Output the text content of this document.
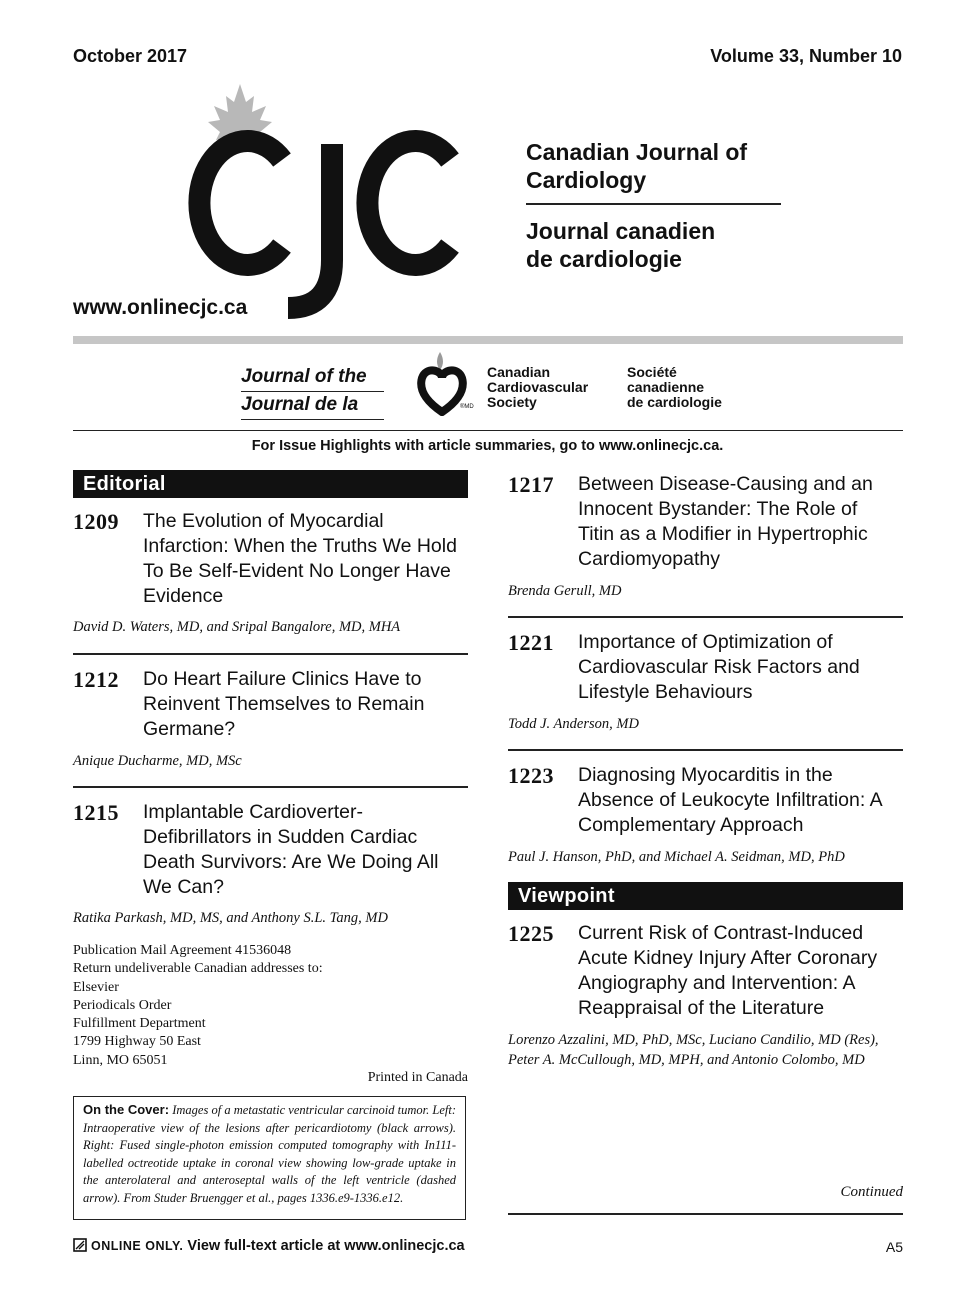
October 2017	Volume 33, Number 10
www.onlinecjc.ca
Canadian Journal of
Cardiology
Journal canadien
de cardiologie
Journal of the
Journal de la	®MD
Canadian
Cardiovascular
Society
Société
canadienne
de cardiologie
For Issue Highlights with article summaries, go to www.onlinecjc.ca.
Editorial
1209 The Evolution of Myocardial Infarction: When the Truths We Hold To Be Self-Evident No Longer Have Evidence
David D. Waters, MD, and Sripal Bangalore, MD, MHA
1212 Do Heart Failure Clinics Have to Reinvent Themselves to Remain Germane?
Anique Ducharme, MD, MSc
1215 Implantable Cardioverter-Defibrillators in Sudden Cardiac Death Survivors: Are We Doing All We Can?
Ratika Parkash, MD, MS, and Anthony S.L. Tang, MD
Publication Mail Agreement 41536048
Return undeliverable Canadian addresses to:
Elsevier
Periodicals Order
Fulfillment Department
1799 Highway 50 East
Linn, MO 65051
Printed in Canada
On the Cover: Images of a metastatic ventricular carcinoid tumor. Left: Intraoperative view of the lesions after pericardiotomy (black arrows). Right: Fused single-photon emission computed tomography with In111-labelled octreotide uptake in coronal view showing low-grade uptake in the anterolateral and anteroseptal walls of the left ventricle (dashed arrow). From Studer Bruengger et al., pages 1336.e9-1336.e12.
1217 Between Disease-Causing and an Innocent Bystander: The Role of Titin as a Modifier in Hypertrophic Cardiomyopathy
Brenda Gerull, MD
1221 Importance of Optimization of Cardiovascular Risk Factors and Lifestyle Behaviours
Todd J. Anderson, MD
1223 Diagnosing Myocarditis in the Absence of Leukocyte Infiltration: A Complementary Approach
Paul J. Hanson, PhD, and Michael A. Seidman, MD, PhD
Viewpoint
1225 Current Risk of Contrast-Induced Acute Kidney Injury After Coronary Angiography and Intervention: A Reappraisal of the Literature
Lorenzo Azzalini, MD, PhD, MSc, Luciano Candilio, MD (Res),
Peter A. McCullough, MD, MPH, and Antonio Colombo, MD
Continued
ONLINE ONLY. View full-text article at www.onlinecjc.ca	A5
